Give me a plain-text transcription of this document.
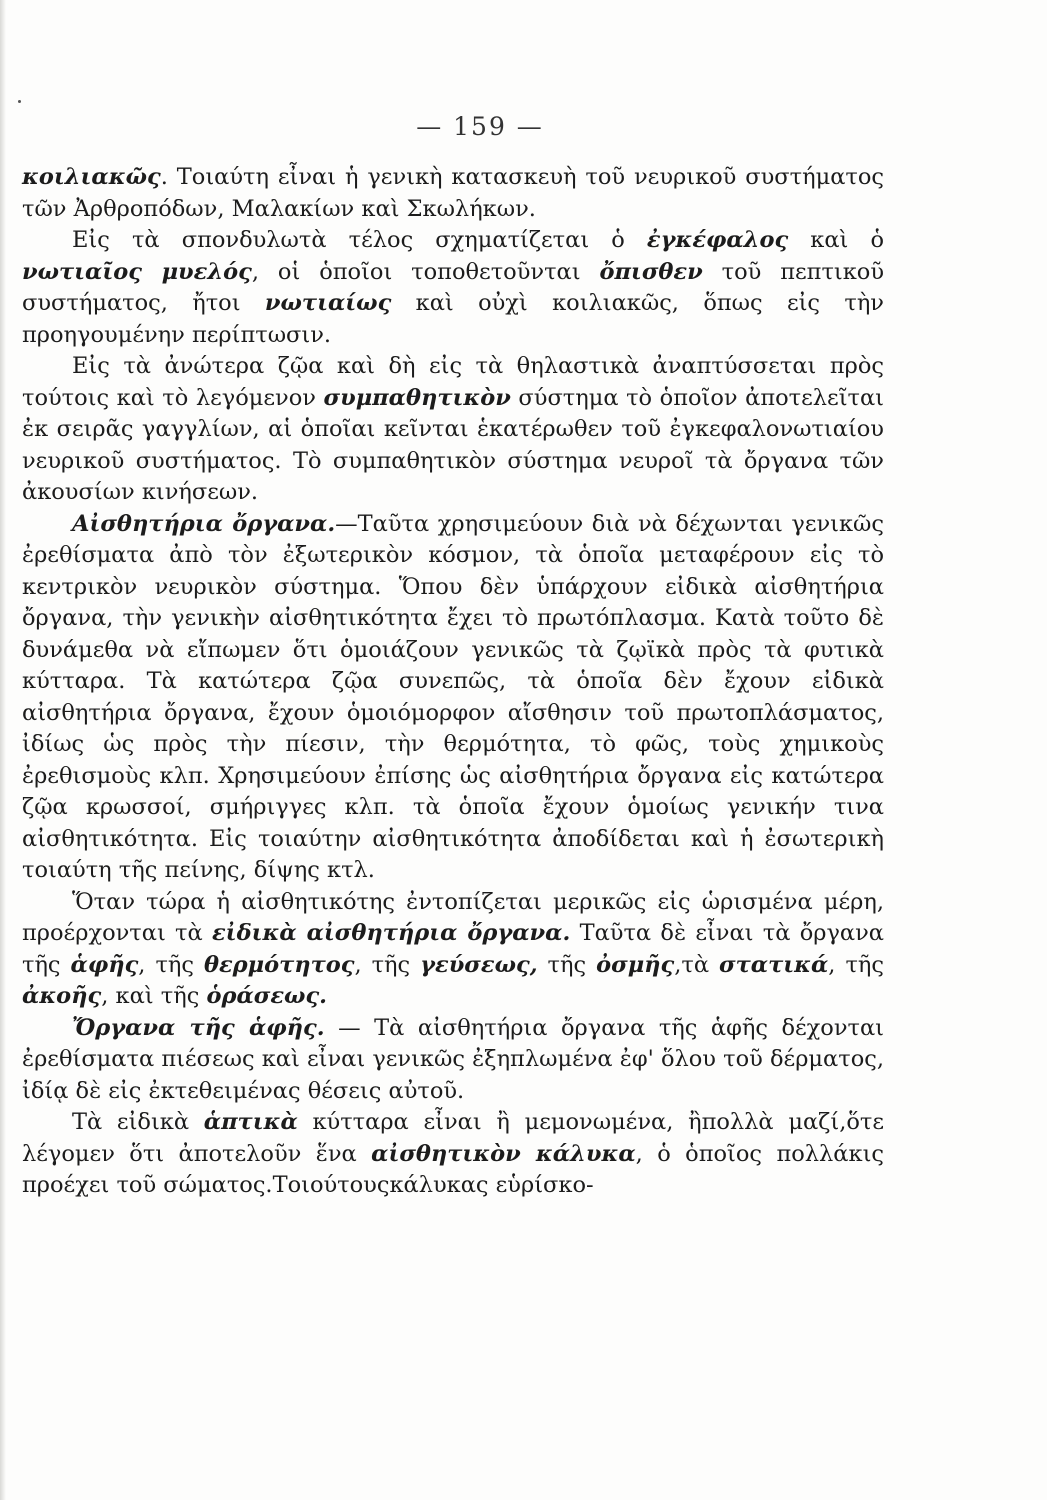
— 159 —

κοιλιακῶς. Τοιαύτη εἶναι ἡ γενικὴ κατασκευὴ τοῦ νευρικοῦ συστήματος τῶν Ἀρθροπόδων, Μαλακίων καὶ Σκωλήκων.

Εἰς τὰ σπονδυλωτὰ τέλος σχηματίζεται ὁ ἐγκέφαλος καὶ ὁ νωτιαῖος μυελός, οἱ ὁποῖοι τοποθετοῦνται ὄπισθεν τοῦ πεπτικοῦ συστήματος, ἤτοι νωτιαίως καὶ οὐχὶ κοιλιακῶς, ὅπως εἰς τὴν προηγουμένην περίπτωσιν.

Εἰς τὰ ἀνώτερα ζῷα καὶ δὴ εἰς τὰ θηλαστικὰ ἀναπτύσσεται πρὸς τούτοις καὶ τὸ λεγόμενον συμπαθητικὸν σύστημα τὸ ὁποῖον ἀποτελεῖται ἐκ σειρᾶς γαγγλίων, αἱ ὁποῖαι κεῖνται ἑκατέρωθεν τοῦ ἐγκεφαλονωτιαίου νευρικοῦ συστήματος. Τὸ συμπαθητικὸν σύστημα νευροῖ τὰ ὄργανα τῶν ἀκουσίων κινήσεων.

Αἰσθητήρια ὄργανα.—Ταῦτα χρησιμεύουν διὰ νὰ δέχωνται γενικῶς ἐρεθίσματα ἀπὸ τὸν ἐξωτερικὸν κόσμον, τὰ ὁποῖα μεταφέρουν εἰς τὸ κεντρικὸν νευρικὸν σύστημα. Ὅπου δὲν ὑπάρχουν εἰδικὰ αἰσθητήρια ὄργανα, τὴν γενικὴν αἰσθητικότητα ἔχει τὸ πρωτόπλασμα. Κατὰ τοῦτο δὲ δυνάμεθα νὰ εἴπωμεν ὅτι ὁμοιάζουν γενικῶς τὰ ζῳϊκὰ πρὸς τὰ φυτικὰ κύτταρα. Τὰ κατώτερα ζῷα συνεπῶς, τὰ ὁποῖα δὲν ἔχουν εἰδικὰ αἰσθητήρια ὄργανα, ἔχουν ὁμοιόμορφον αἴσθησιν τοῦ πρωτοπλάσματος, ἰδίως ὡς πρὸς τὴν πίεσιν, τὴν θερμότητα, τὸ φῶς, τοὺς χημικοὺς ἐρεθισμοὺς κλπ. Χρησιμεύουν ἐπίσης ὡς αἰσθητήρια ὄργανα εἰς κατώτερα ζῷα κρωσσοί, σμήριγγες κλπ. τὰ ὁποῖα ἔχουν ὁμοίως γενικήν τινα αἰσθητικότητα. Εἰς τοιαύτην αἰσθητικότητα ἀποδίδεται καὶ ἡ ἐσωτερικὴ τοιαύτη τῆς πείνης, δίψης κτλ.

Ὅταν τώρα ἡ αἰσθητικότης ἐντοπίζεται μερικῶς εἰς ὡρισμένα μέρη, προέρχονται τὰ εἰδικὰ αἰσθητήρια ὄργανα. Ταῦτα δὲ εἶναι τὰ ὄργανα τῆς ἁφῆς, τῆς θερμότητος, τῆς γεύσεως, τῆς ὀσμῆς,τὰ στατικά, τῆς ἀκοῆς, καὶ τῆς ὁράσεως.

Ὄργανα τῆς ἁφῆς. — Τὰ αἰσθητήρια ὄργανα τῆς ἁφῆς δέχονται ἐρεθίσματα πιέσεως καὶ εἶναι γενικῶς ἐξηπλωμένα ἐφ' ὅλου τοῦ δέρματος, ἰδίᾳ δὲ εἰς ἐκτεθειμένας θέσεις αὐτοῦ.

Τὰ εἰδικὰ ἁπτικὰ κύτταρα εἶναι ἢ μεμονωμένα, ἢπολλὰ μαζί,ὅτε λέγομεν ὅτι ἀποτελοῦν ἕνα αἰσθητικὸν κάλυκα, ὁ ὁποῖος πολλάκις προέχει τοῦ σώματος.Τοιούτουςκάλυκας εὑρίσκο-
